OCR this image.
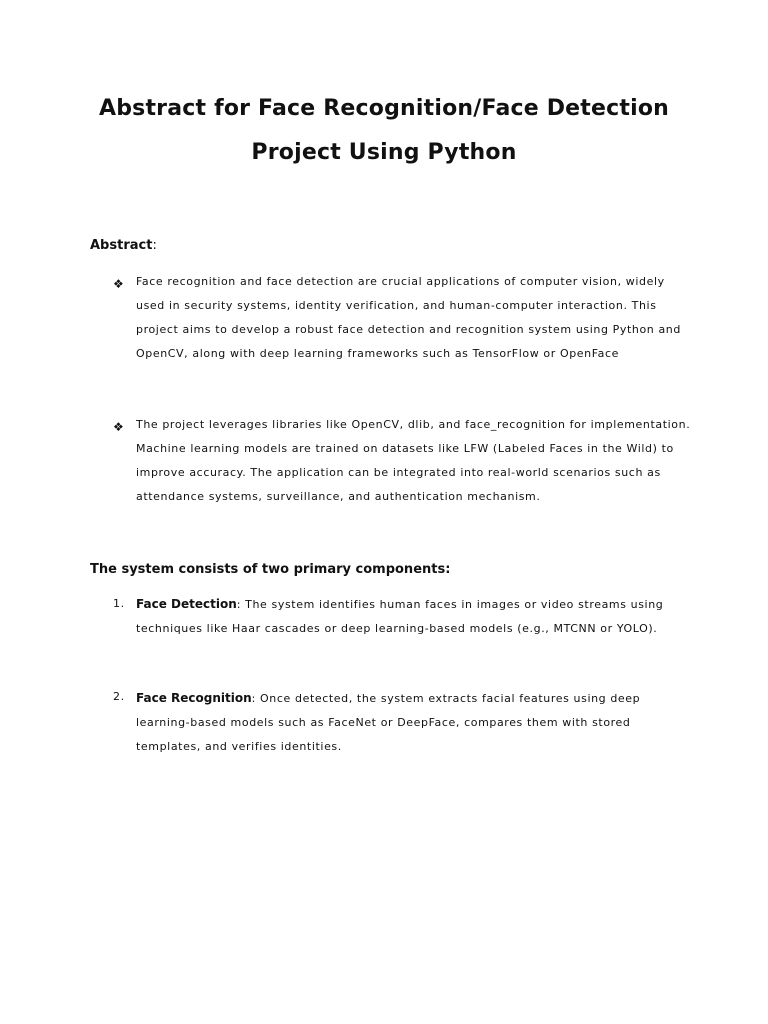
Abstract for Face Recognition/Face Detection
Project Using Python
Abstract:
❖ Face recognition and face detection are crucial applications of computer vision, widely used in security systems, identity verification, and human-computer interaction. This project aims to develop a robust face detection and recognition system using Python and OpenCV, along with deep learning frameworks such as TensorFlow or OpenFace

❖ The project leverages libraries like OpenCV, dlib, and face_recognition for implementation. Machine learning models are trained on datasets like LFW (Labeled Faces in the Wild) to improve accuracy. The application can be integrated into real-world scenarios such as attendance systems, surveillance, and authentication mechanism.

The system consists of two primary components:
1. Face Detection: The system identifies human faces in images or video streams using techniques like Haar cascades or deep learning-based models (e.g., MTCNN or YOLO).

2. Face Recognition: Once detected, the system extracts facial features using deep learning-based models such as FaceNet or DeepFace, compares them with stored templates, and verifies identities.
